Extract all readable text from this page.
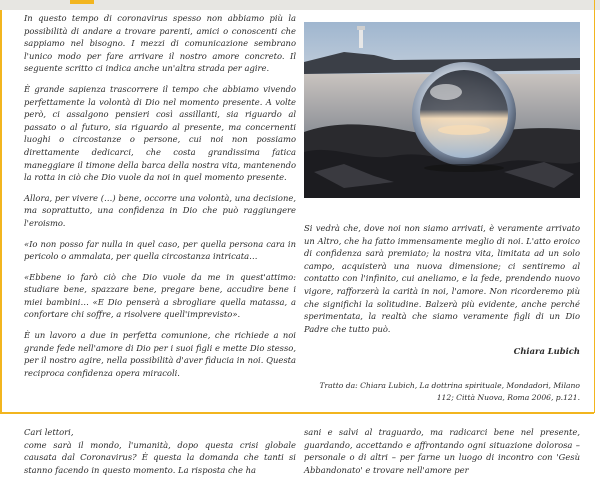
In questo tempo di coronavirus spesso non abbiamo più la possibilità di andare a trovare parenti, amici o conoscenti che sappiamo nel bisogno. I mezzi di comunicazione sembrano l'unico modo per fare arrivare il nostro amore concreto. Il seguente scritto ci indica anche un'altra strada per agire.

È grande sapienza trascorrere il tempo che abbiamo vivendo perfettamente la volontà di Dio nel momento presente. A volte però, ci assalgono pensieri così assillanti, sia riguardo al passato o al futuro, sia riguardo al presente, ma concernenti luoghi o circostanze o persone, cui noi non possiamo direttamente dedicarci, che costa grandissima fatica maneggiare il timone della barca della nostra vita, mantenendo la rotta in ciò che Dio vuole da noi in quel momento presente.

Allora, per vivere (…) bene, occorre una volontà, una decisione, ma soprattutto, una confidenza in Dio che può raggiungere l'eroismo.

«Io non posso far nulla in quel caso, per quella persona cara in pericolo o ammalata, per quella circostanza intricata…

«Ebbene io farò ciò che Dio vuole da me in quest'attimo: studiare bene, spazzare bene, pregare bene, accudire bene i miei bambini… «E Dio penserà a sbrogliare quella matassa, a confortare chi soffre, a risolvere quell'imprevisto».

È un lavoro a due in perfetta comunione, che richiede a noi grande fede nell'amore di Dio per i suoi figli e mette Dio stesso, per il nostro agire, nella possibilità d'aver fiducia in noi. Questa reciproca confidenza opera miracoli.

Si vedrà che, dove noi non siamo arrivati, è veramente arrivato un Altro, che ha fatto immensamente meglio di noi. L'atto eroico di confidenza sarà premiato; la nostra vita, limitata ad un solo campo, acquisterà una nuova dimensione; ci sentiremo al contatto con l'infinito, cui aneliamo, e la fede, prendendo nuovo vigore, rafforzerà la carità in noi, l'amore. Non ricorderemo più che significhi la solitudine. Balzerà più evidente, anche perché sperimentata, la realtà che siamo veramente figli di un Dio Padre che tutto può.

Chiara Lubich

Tratto da: Chiara Lubich, La dottrina spirituale, Mondadori, Milano 112; Città Nuova, Roma 2006, p.121.

Cari lettori,

come sarà il mondo, l'umanità, dopo questa crisi globale causata dal Coronavirus? È questa la domanda che tanti si stanno facendo in questo momento. La risposta che ha

sani e salvi al traguardo, ma radicarci bene nel presente, guardando, accettando e affrontando ogni situazione dolorosa – personale o di altri – per farne un luogo di incontro con 'Gesù Abbandonato' e trovare nell'amore per
